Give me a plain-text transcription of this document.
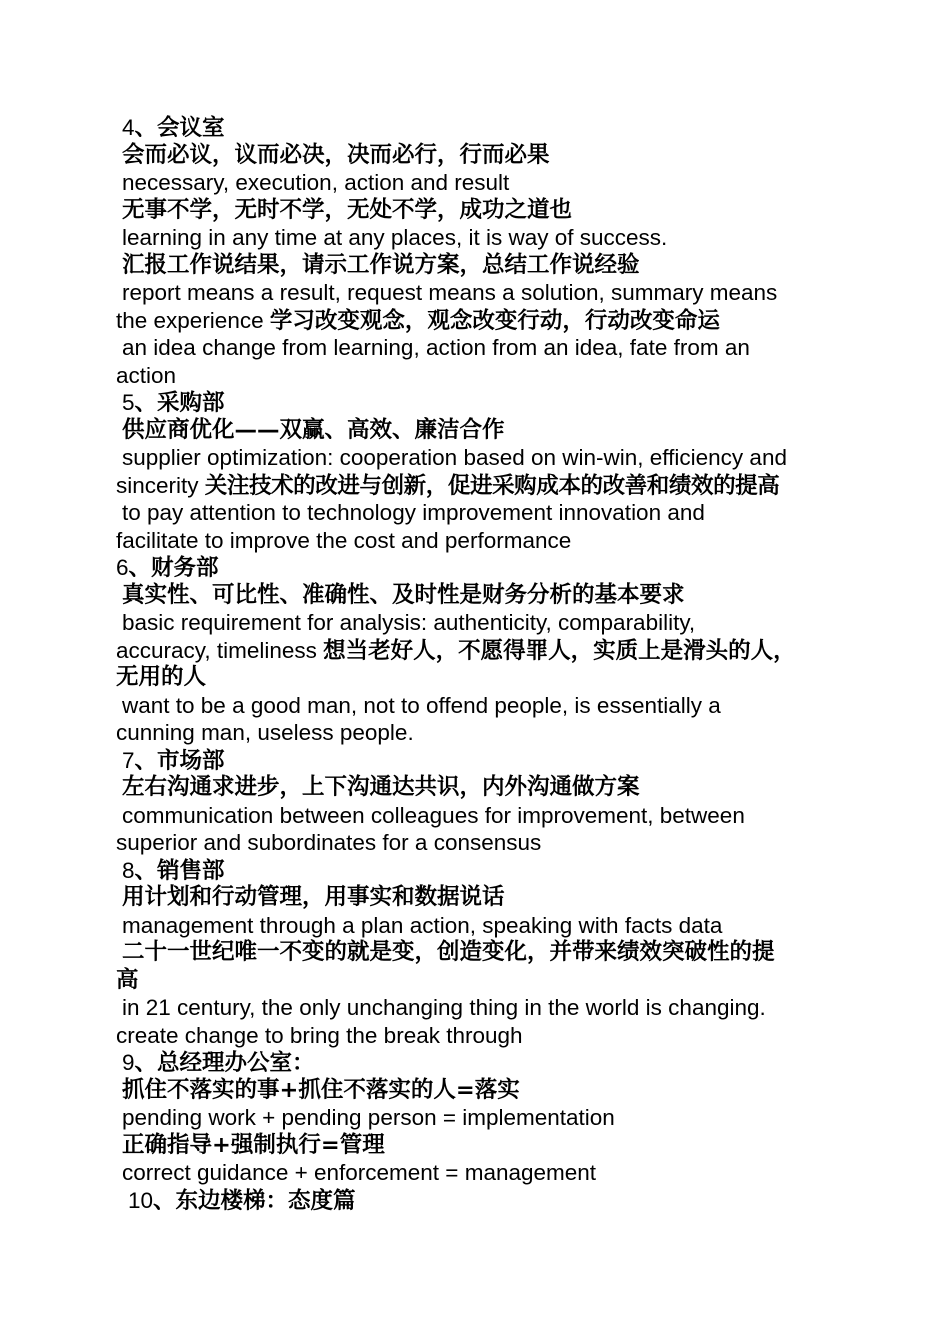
4、会议室
会而必议，议而必决，决而必行，行而必果
necessary, execution, action and result
无事不学，无时不学，无处不学，成功之道也
learning in any time at any places, it is way of success.
汇报工作说结果，请示工作说方案，总结工作说经验
report means a result, request means a solution, summary means
the experience 学习改变观念，观念改变行动，行动改变命运
an idea change from learning, action from an idea, fate from an
action
5、采购部
供应商优化——双赢、高效、廉洁合作
supplier optimization: cooperation based on win-win, efficiency and
sincerity 关注技术的改进与创新，促进采购成本的改善和绩效的提高
to pay attention to technology improvement innovation and
facilitate to improve the cost and performance
6、财务部
真实性、可比性、准确性、及时性是财务分析的基本要求
basic requirement for analysis: authenticity, comparability,
accuracy, timeliness 想当老好人，不愿得罪人，实质上是滑头的人，
无用的人
want to be a good man, not to offend people, is essentially a
cunning man, useless people.
7、市场部
左右沟通求进步，上下沟通达共识，内外沟通做方案
communication between colleagues for improvement, between
superior and subordinates for a consensus
8、销售部
用计划和行动管理，用事实和数据说话
management through a plan action, speaking with facts data
二十一世纪唯一不变的就是变，创造变化，并带来绩效突破性的提
高
in 21 century, the only unchanging thing in the world is changing.
create change to bring the break through
9、总经理办公室：
抓住不落实的事+抓住不落实的人=落实
pending work + pending person = implementation
正确指导+强制执行=管理
correct guidance + enforcement = management
10、东边楼梯：态度篇
